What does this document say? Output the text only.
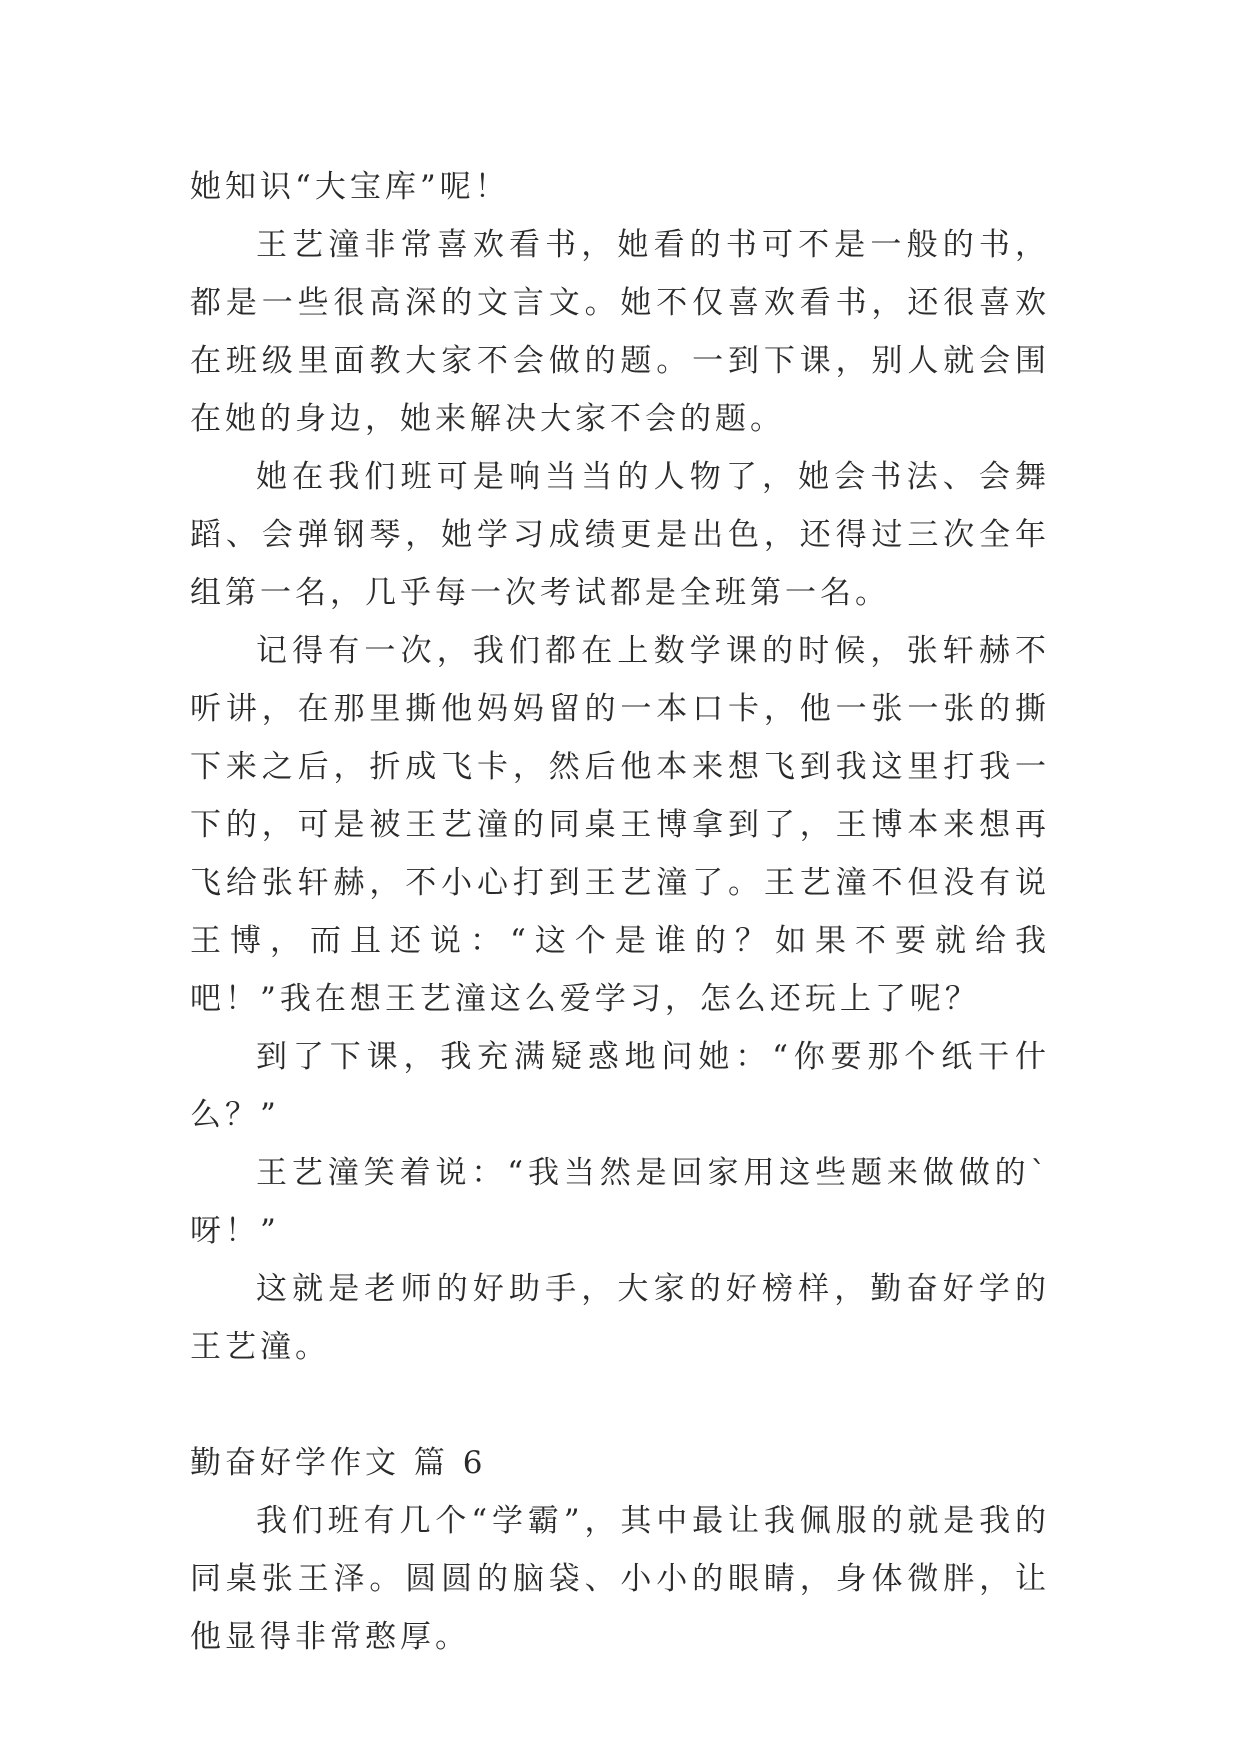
她知识“大宝库”呢！

王艺潼非常喜欢看书，她看的书可不是一般的书，都是一些很高深的文言文。她不仅喜欢看书，还很喜欢在班级里面教大家不会做的题。一到下课，别人就会围在她的身边，她来解决大家不会的题。

她在我们班可是响当当的人物了，她会书法、会舞蹈、会弹钢琴，她学习成绩更是出色，还得过三次全年组第一名，几乎每一次考试都是全班第一名。

记得有一次，我们都在上数学课的时候，张轩赫不听讲，在那里撕他妈妈留的一本口卡，他一张一张的撕下来之后，折成飞卡，然后他本来想飞到我这里打我一下的，可是被王艺潼的同桌王博拿到了，王博本来想再飞给张轩赫，不小心打到王艺潼了。王艺潼不但没有说王博，而且还说：“这个是谁的？如果不要就给我吧！”我在想王艺潼这么爱学习，怎么还玩上了呢？

到了下课，我充满疑惑地问她：“你要那个纸干什么？”

王艺潼笑着说：“我当然是回家用这些题来做做的`呀！”

这就是老师的好助手，大家的好榜样，勤奋好学的王艺潼。

勤奋好学作文 篇 6

我们班有几个“学霸”，其中最让我佩服的就是我的同桌张王泽。圆圆的脑袋、小小的眼睛，身体微胖，让他显得非常憨厚。
